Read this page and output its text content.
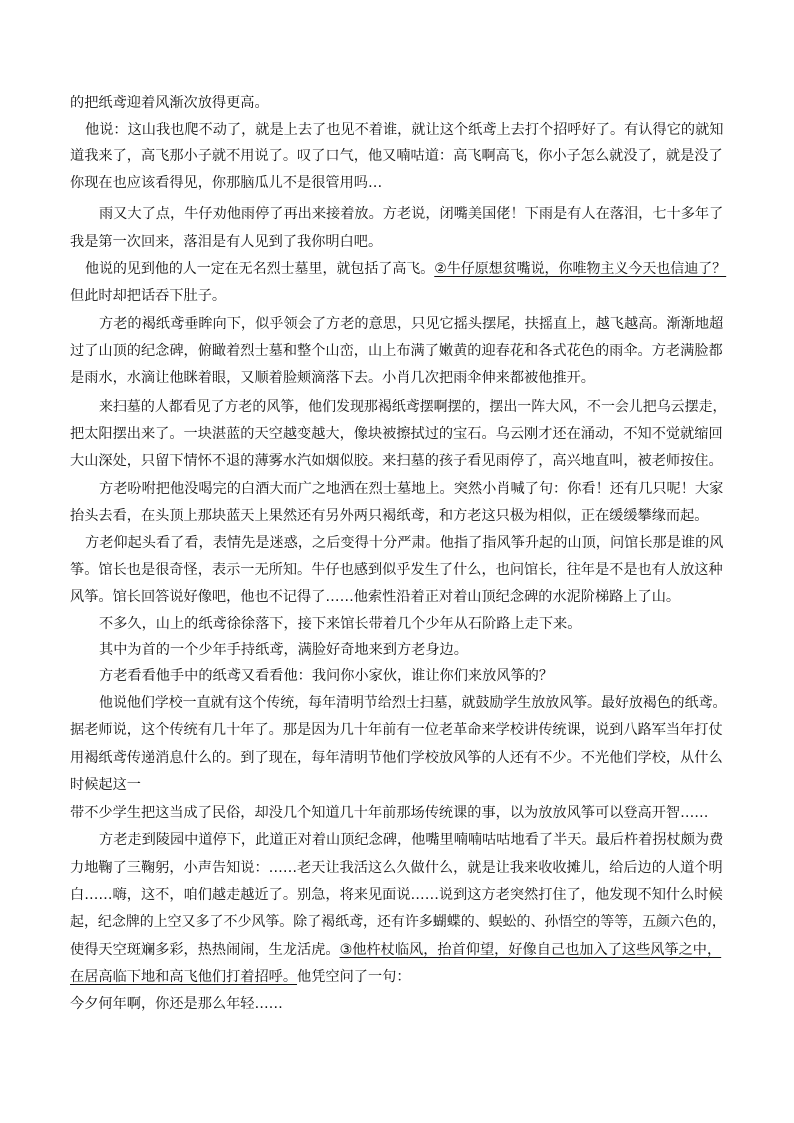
的把纸鸢迎着风渐次放得更高。
他说：这山我也爬不动了，就是上去了也见不着谁，就让这个纸鸢上去打个招呼好了。有认得它的就知
道我来了，高飞那小子就不用说了。叹了口气，他又喃咕道：高飞啊高飞，你小子怎么就没了，就是没了
你现在也应该看得见，你那脑瓜儿不是很管用吗…
雨又大了点，牛仔劝他雨停了再出来接着放。方老说，闭嘴美国佬！下雨是有人在落泪，七十多年了
我是第一次回来，落泪是有人见到了我你明白吧。
他说的见到他的人一定在无名烈士墓里，就包括了高飞。②牛仔原想贫嘴说，你唯物主义今天也信迪了？
但此时却把话吞下肚子。
方老的褐纸鸢垂眸向下，似乎领会了方老的意思，只见它摇头摆尾，扶摇直上，越飞越高。渐渐地超
过了山顶的纪念碑，俯瞰着烈士墓和整个山峦，山上布满了嫩黄的迎春花和各式花色的雨伞。方老满脸都
是雨水，水滴让他眯着眼，又顺着脸颊滴落下去。小肖几次把雨伞伸来都被他推开。
来扫墓的人都看见了方老的风筝，他们发现那褐纸鸢摆啊摆的，摆出一阵大风，不一会儿把乌云摆走，
把太阳摆出来了。一块湛蓝的天空越变越大，像块被擦拭过的宝石。乌云刚才还在涌动，不知不觉就缩回
大山深处，只留下情怀不退的薄雾水汽如烟似胶。来扫墓的孩子看见雨停了，高兴地直叫，被老师按住。
方老吩咐把他没喝完的白酒大而广之地洒在烈士墓地上。突然小肖喊了句：你看！还有几只呢！大家
抬头去看，在头顶上那块蓝天上果然还有另外两只褐纸鸢，和方老这只极为相似，正在缓缓攀缘而起。
方老仰起头看了看，表情先是迷惑，之后变得十分严肃。他指了指风筝升起的山顶，问馆长那是谁的风
筝。馆长也是很奇怪，表示一无所知。牛仔也感到似乎发生了什么，也问馆长，往年是不是也有人放这种
风筝。馆长回答说好像吧，他也不记得了……他索性沿着正对着山顶纪念碑的水泥阶梯路上了山。
不多久，山上的纸鸢徐徐落下，接下来馆长带着几个少年从石阶路上走下来。
其中为首的一个少年手持纸鸢，满脸好奇地来到方老身边。
方老看看他手中的纸鸢又看看他：我问你小家伙，谁让你们来放风筝的？
他说他们学校一直就有这个传统，每年清明节给烈士扫墓，就鼓励学生放放风筝。最好放褐色的纸鸢。
据老师说，这个传统有几十年了。那是因为几十年前有一位老革命来学校讲传统课，说到八路军当年打仗
用褐纸鸢传递消息什么的。到了现在，每年清明节他们学校放风筝的人还有不少。不光他们学校，从什么
时候起这一
带不少学生把这当成了民俗，却没几个知道几十年前那场传统课的事，以为放放风筝可以登高开智……
方老走到陵园中道停下，此道正对着山顶纪念碑，他嘴里喃喃咕咕地看了半天。最后杵着拐杖颇为费
力地鞠了三鞠躬，小声告知说：……老天让我活这么久做什么，就是让我来收收摊儿，给后边的人道个明
白……嗨，这不，咱们越走越近了。别急，将来见面说……说到这方老突然打住了，他发现不知什么时候
起，纪念牌的上空又多了不少风筝。除了褐纸鸢，还有许多蝴蝶的、蜈蚣的、孙悟空的等等，五颜六色的，
使得天空斑斓多彩，热热闹闹，生龙活虎。③他杵杖临风，抬首仰望，好像自己也加入了这些风筝之中，
在居高临下地和高飞他们打着招呼。他凭空问了一句：
今夕何年啊，你还是那么年轻……
